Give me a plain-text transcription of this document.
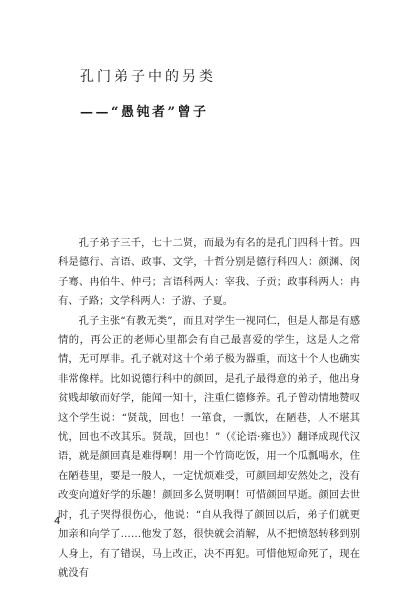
孔门弟子中的另类
——“愚钝者”曾子

孔子弟子三千，七十二贤，而最为有名的是孔门四科十哲。四科是德行、言语、政事、文学，十哲分别是德行科四人：颜渊、闵子骞、冉伯牛、仲弓；言语科两人：宰我、子贡；政事科两人：冉有、子路；文学科两人：子游、子夏。

孔子主张“有教无类”，而且对学生一视同仁，但是人都是有感情的，再公正的老师心里都会有自己最喜爱的学生，这是人之常情，无可厚非。孔子就对这十个弟子极为器重，而这十个人也确实非常像样。比如说德行科中的颜回，是孔子最得意的弟子，他出身贫贱却敏而好学，能闻一知十，注重仁德修养。孔子曾动情地赞叹这个学生说：“贤哉，回也！一箪食，一瓢饮，在陋巷，人不堪其忧，回也不改其乐。贤哉，回也！”（《论语·雍也》）翻译成现代汉语，就是颜回真是难得啊！用一个竹筒吃饭，用一个瓜瓢喝水，住在陋巷里，要是一般人，一定忧烦难受，可颜回却安然处之，没有改变向道好学的乐趣！颜回多么贤明啊！可惜颜回早逝。颜回去世时，孔子哭得很伤心，他说：“自从我得了颜回以后，弟子们就更加亲和向学了……他发了怒，很快就会消解，从不把愤怒转移到别人身上，有了错误，马上改正，决不再犯。可惜他短命死了，现在就没有

4
